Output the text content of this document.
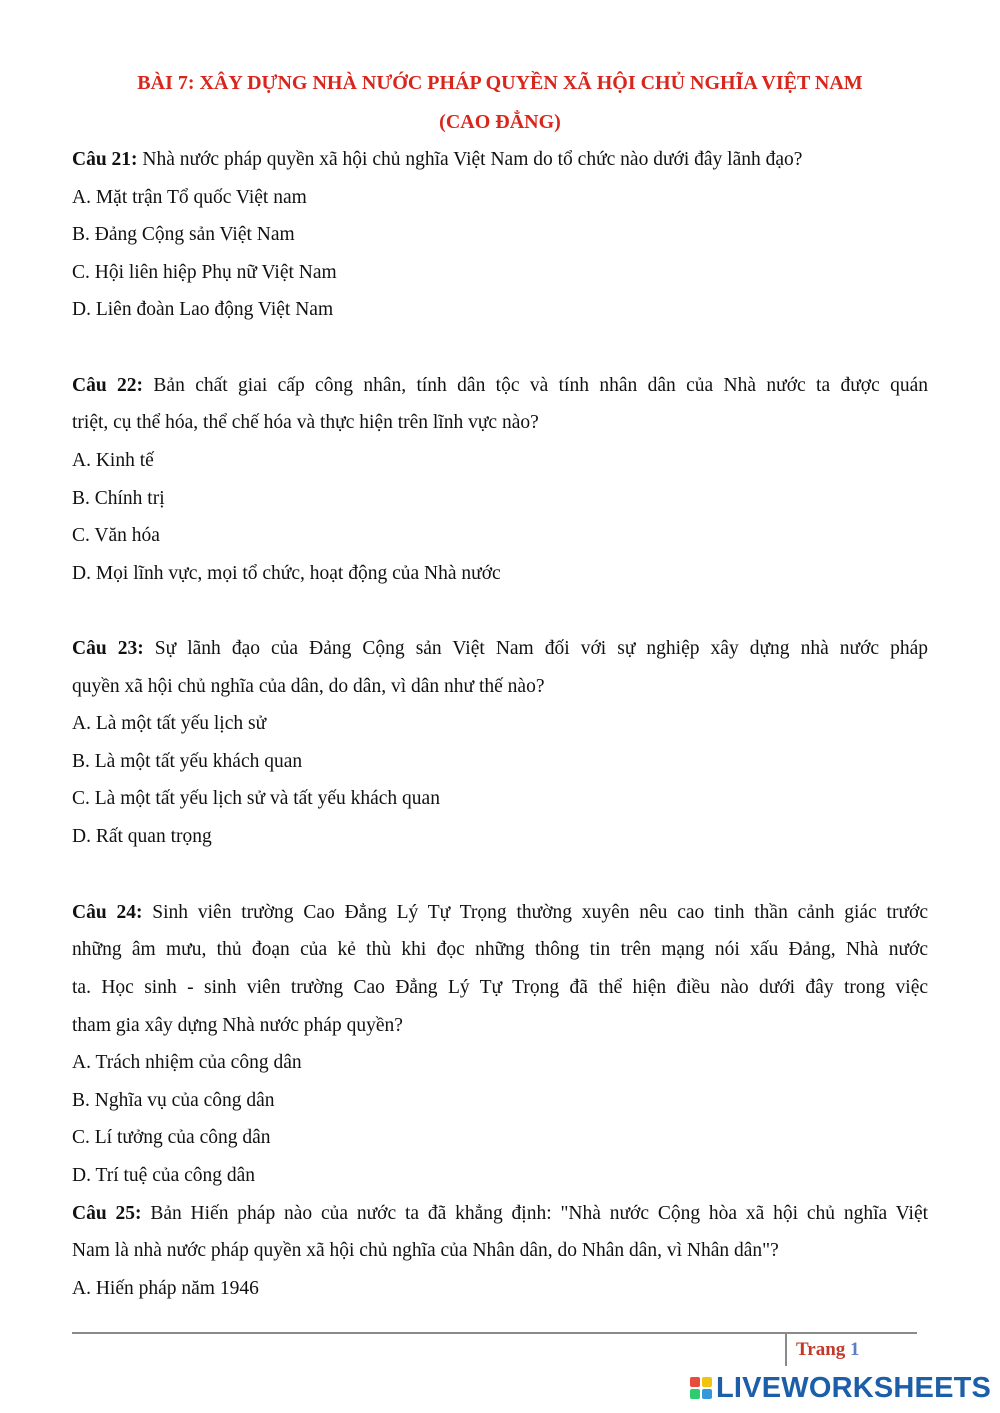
BÀI 7: XÂY DỰNG NHÀ NƯỚC PHÁP QUYỀN XÃ HỘI CHỦ NGHĨA VIỆT NAM
(CAO ĐẲNG)
Câu 21: Nhà nước pháp quyền xã hội chủ nghĩa Việt Nam do tổ chức nào dưới đây lãnh đạo?
A. Mặt trận Tổ quốc Việt nam
B. Đảng Cộng sản Việt Nam
C. Hội liên hiệp Phụ nữ Việt Nam
D. Liên đoàn Lao động Việt Nam
Câu 22: Bản chất giai cấp công nhân, tính dân tộc và tính nhân dân của Nhà nước ta được quán
triệt, cụ thể hóa, thể chế hóa và thực hiện trên lĩnh vực nào?
A. Kinh tế
B. Chính trị
C. Văn hóa
D. Mọi lĩnh vực, mọi tổ chức, hoạt động của Nhà nước
Câu 23: Sự lãnh đạo của Đảng Cộng sản Việt Nam đối với sự nghiệp xây dựng nhà nước pháp
quyền xã hội chủ nghĩa của dân, do dân, vì dân như thế nào?
A. Là một tất yếu lịch sử
B. Là một tất yếu khách quan
C. Là một tất yếu lịch sử và tất yếu khách quan
D. Rất quan trọng
Câu 24: Sinh viên trường Cao Đẳng Lý Tự Trọng thường xuyên nêu cao tinh thần cảnh giác trước
những âm mưu, thủ đoạn của kẻ thù khi đọc những thông tin trên mạng nói xấu Đảng, Nhà nước
ta. Học sinh - sinh viên trường Cao Đẳng Lý Tự Trọng đã thể hiện điều nào dưới đây trong việc
tham gia xây dựng Nhà nước pháp quyền?
A. Trách nhiệm của công dân
B. Nghĩa vụ của công dân
C. Lí tưởng của công dân
D. Trí tuệ của công dân
Câu 25: Bản Hiến pháp nào của nước ta đã khẳng định: "Nhà nước Cộng hòa xã hội chủ nghĩa Việt
Nam là nhà nước pháp quyền xã hội chủ nghĩa của Nhân dân, do Nhân dân, vì Nhân dân"?
A. Hiến pháp năm 1946
Trang 1
LIVEWORKSHEETS
